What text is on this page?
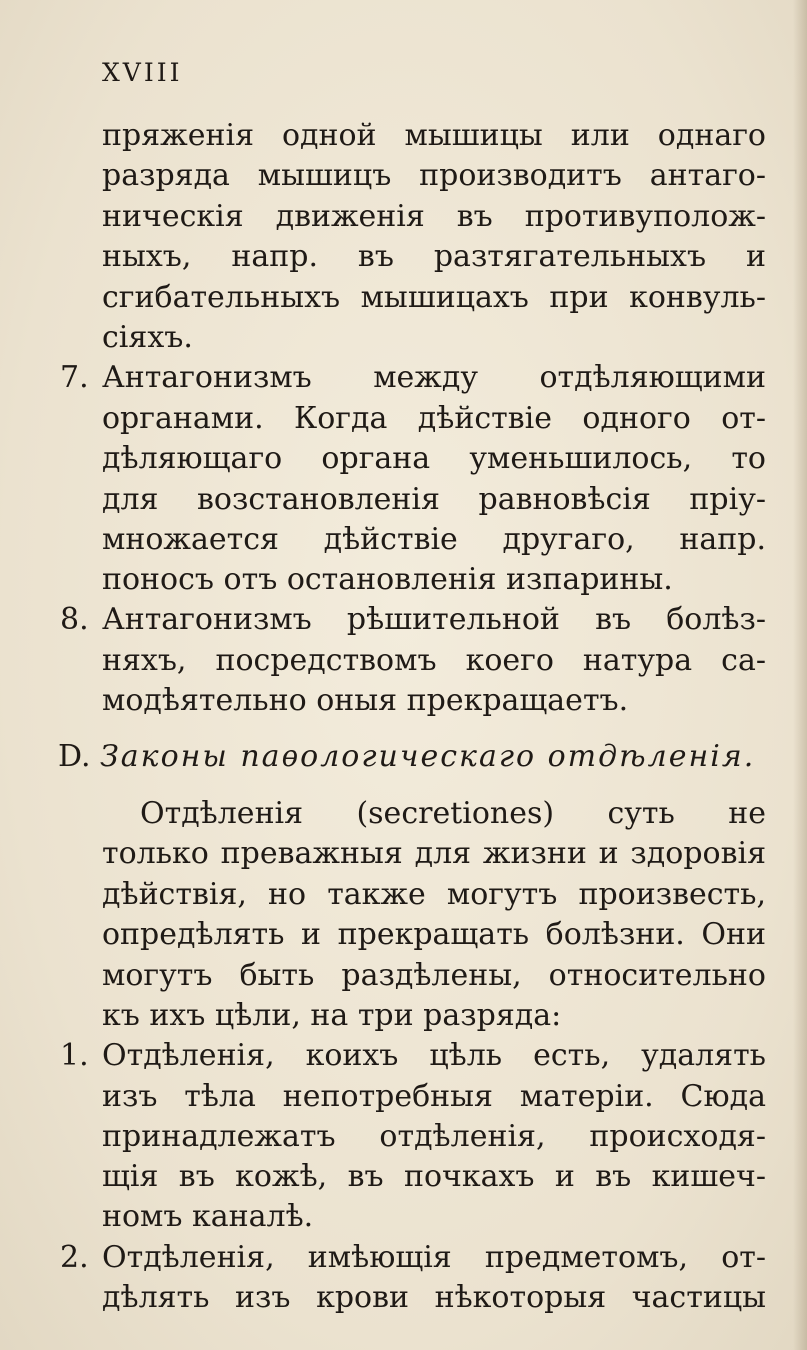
XVIII
пряженія одной мышицы или однаго
разряда мышицъ производитъ антаго-
ническія движенія въ противуполож-
ныхъ, напр. въ разтягательныхъ и
сгибательныхъ мышицахъ при конвуль-
сіяхъ.
7. Антагонизмъ между отдѣляющими
органами. Когда дѣйствіе одного от-
дѣляющаго органа уменьшилось, то
для возстановленія равновѣсія пріу-
множается дѣйствіе другаго, напр.
поносъ отъ остановленія изпарины.
8. Антагонизмъ рѣшительной въ болѣз-
няхъ, посредствомъ коего натура са-
модѣятельно оныя прекращаетъ.
D. Законы паѳологическаго отдѣленія.
Отдѣленія (secretiones) суть не
только преважныя для жизни и здоровія
дѣйствія, но также могутъ произвесть,
опредѣлять и прекращать болѣзни. Они
могутъ быть раздѣлены, относительно
къ ихъ цѣли, на три разряда:
1. Отдѣленія, коихъ цѣль есть, удалять
изъ тѣла непотребныя матеріи. Сюда
принадлежатъ отдѣленія, происходя-
щія въ кожѣ, въ почкахъ и въ кишеч-
номъ каналѣ.
2. Отдѣленія, имѣющія предметомъ, от-
дѣлять изъ крови нѣкоторыя частицы
